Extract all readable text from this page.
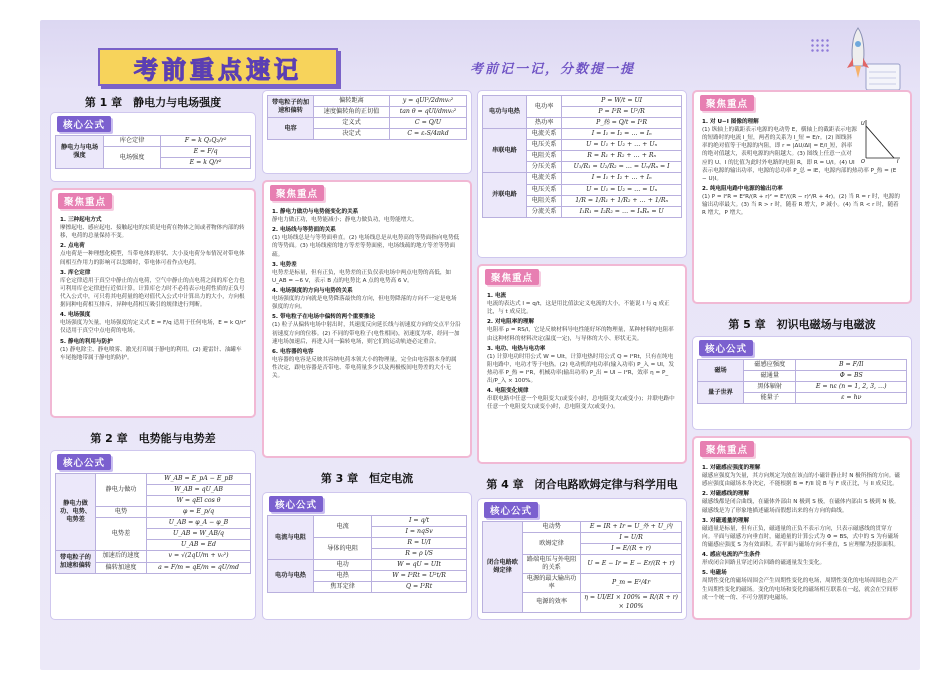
考前重点速记	考前记一记，分数提一提
第 1 章　静电力与电场强度
核心公式
静电力与电场强度	库仑定律	F = k Q₁Q₂/r²
	电场强度	E = F/q
		E = k Q/r²
聚焦重点
1. 三种起电方式

摩擦起电、感应起电、接触起电的实质是电荷在物体之间或者物体内部的转移，电荷的总量保持不变。

2. 点电荷

点电荷是一种理想化模型，当带电体的形状、大小及电荷分布情况对带电体间相互作用力的影响可以忽略时，带电体可看作点电荷。

3. 库仑定律

库仑定律适用于真空中静止的点电荷，空气中静止的点电荷之间的库仑力也可利用库仑定律进行近似计算。计算库仑力时不必将表示电荷性质的正负号代入公式中，可只将其电荷量的绝对值代入公式中计算出力的大小，方向根据同种电荷相互排斥，异种电荷相互吸引的规律进行判断。

4. 电场强度

电场强度为矢量，电场强度的定义式 E = F/q 适用于任何电场，E = k Q/r² 仅适用于真空中点电荷的电场。

5. 静电的利用与防护

(1) 静电除尘、静电喷雾、激光打印属于静电的利用。(2) 避雷针、油罐车车尾拖地带属于静电的防护。

第 2 章　电势能与电势差
核心公式
静电力做功、电势、电势差	静电力做功	W_AB = E_pA − E_pB
		W_AB = qU_AB
		W = qEl cos θ
	电势	φ = E_p/q
	电势差	U_AB = φ_A − φ_B
		U_AB = W_AB/q
		U_AB = Ed
带电粒子的加速和偏转	加速后的速度	v = √(2qU/m + v₀²)
	偏转加速度	a = F/m = qE/m = qU/md
带电粒子的加速和偏转	偏转距离	y = qUl²/2dmv₀²
	速度偏转角的正切值	tan θ = qUl/dmv₀²
电容	定义式	C = Q/U
	决定式	C = εᵣS/4πkd
聚焦重点
1. 静电力做功与电势能变化的关系

静电力做正功，电势能减小；静电力做负功，电势能增大。

2. 电场线与等势面的关系

(1) 电场线总是与等势面垂直。(2) 电场线总是从电势高的等势面指向电势低的等势面。(3) 电场线密的地方等差等势面密，电场线疏的地方等差等势面疏。

3. 电势差

电势差是标量，但有正负，电势差的正负仅表电场中两点电势的高低，如 U_AB = −6 V，表示 B 点的电势比 A 点的电势高 6 V。

4. 电场强度的方向与电势的关系

电场强度的方向就是电势降落最快的方向，但电势降落的方向不一定是电场强度的方向。

5. 带电粒子在电场中偏转的两个重要推论

(1) 粒子从偏转电场中射出时，其速度反向延长线与初速度方向的交点平分沿初速度方向的位移。(2) 不同的带电粒子(电性相同)，初速度为零，经同一加速电场加速后，再进入同一偏转电场，则它们的运动轨迹必定重合。

6. 电容器的电容

电容器的电容是反映其容纳电荷本领大小的物理量，完全由电容器本身的属性决定，跟电容器是否带电、带电荷量多少以及两极板间电势差的大小无关。

第 3 章　恒定电流
核心公式
电流与电阻	电流	I = q/t
		I = nqSv
	导体的电阻	R = U/I
		R = ρ l/S
电功与电热	电功	W = qU = UIt
	电热	W = I²Rt = U²t/R
	焦耳定律	Q = I²Rt
电功与电热	电功率	P = W/t = UI
		P = I²R = U²/R
	热功率	P_热 = Q/t = I²R
串联电路	电流关系	I = I₁ = I₂ = … = Iₙ
	电压关系	U = U₁ + U₂ + … + Uₙ
	电阻关系	R = R₁ + R₂ + … + Rₙ
	分压关系	U₁/R₁ = U₂/R₂ = … = Uₙ/Rₙ = I
并联电路	电流关系	I = I₁ + I₂ + … + Iₙ
	电压关系	U = U₁ = U₂ = … = Uₙ
	电阻关系	1/R = 1/R₁ + 1/R₂ + … + 1/Rₙ
	分流关系	I₁R₁ = I₂R₂ = … = IₙRₙ = U
聚焦重点
1. 电流

电流的表达式 I = q/t，这是用比值法定义电流的大小，不能说 I 与 q 成正比，与 t 成反比。

2. 对电阻率的理解

电阻率 ρ = RS/l，它是反映材料导电性能好坏的物理量，某种材料的电阻率由这种材料的材料决定(温度一定)，与导体的大小、形状无关。

3. 电功、电热与电功率

(1) 计算电功时用公式 W = UIt，计算电热时用公式 Q = I²Rt，只有在纯电阻电路中，电功才等于电热。(2) 电动机的电功率(输入功率) P_入 = UI，发热功率 P_热 = I²R，机械功率(输出功率) P_出 = UI − I²R，效率 η = P_出/P_入 × 100%。

4. 电阻变化规律

串联电路中任意一个电阻变大(或变小)时，总电阻变大(或变小)；并联电路中任意一个电阻变大(或变小)时，总电阻变大(或变小)。

第 4 章　闭合电路欧姆定律与科学用电
核心公式
闭合电路欧姆定律	电动势	E = IR + Ir = U_外 + U_内
	欧姆定律	I = U/R
		I = E/(R + r)
	路端电压与外电阻的关系	U = E − Ir = E − Er/(R + r)
	电源的最大输出功率	P_m = E²/4r
	电源的效率	η = UI/EI × 100% = R/(R + r) × 100%
聚焦重点
U
I
O
1. 对 U−I 图像的理解

(1) 纵轴上的截距表示电源的电动势 E，横轴上的截距表示电源的短路时的电流 I_短，两者的关系为 I_短 = E/r。(2) 图线斜率的绝对值等于电源的内阻，即 r = |ΔU/ΔI| = E/I_短，斜率的绝对值越大，表明电源的内阻越大。(3) 图线上任意一点对应的 U、I 的比值为此时外电路的电阻 R，即 R = U/I。(4) UI 表示电源的输出功率，电源的总功率 P_总 = IE，电源内部的热功率 P_热 = (E − U)I。

2. 纯电阻电路中电源的输出功率

(1) P = I²R = E²R/(R + r)² = E²/((R − r)²/R + 4r)。(2) 当 R = r 时，电源的输出功率最大。(3) 当 R > r 时，随着 R 增大，P 减小。(4) 当 R < r 时，随着 R 增大，P 增大。

第 5 章　初识电磁场与电磁波
核心公式
磁场	磁感应强度	B = F/Il
	磁通量	Φ = BS
量子世界	黑体辐射	E = nε (n = 1, 2, 3, …)
	能量子	ε = hν
聚焦重点
1. 对磁感应强度的理解

磁感应强度为矢量，其方向规定为放在该点的小磁针静止时 N 极所指的方向。磁感应强度由磁场本身决定，不能根据 B = F/Il 说 B 与 F 成正比，与 Il 成反比。

2. 对磁感线的理解

磁感线都是闭合曲线，在磁体外部由 N 极到 S 极，在磁体内部由 S 极到 N 极。磁感线是为了形象地描述磁场而假想出来的有方向的曲线。

3. 对磁通量的理解

磁通量是标量，但有正负，磁通量的正负不表示方向，只表示磁感线的贯穿方向。平面与磁感方向垂直时，磁通量的计算公式为 Φ = BS，式中的 S 为有磁场的磁感应强度 S 为有效面积。若平面与磁场方向不垂直，S 应理解为投影面积。

4. 感应电流的产生条件

形成闭合回路且穿过闭合回路的磁通量发生变化。

5. 电磁场

周期性变化的磁场周围会产生周期性变化的电场，周期性变化的电场周围也会产生周期性变化的磁场。变化的电场和变化的磁场相互联系在一起，就会在空间形成一个统一的、不可分割的电磁场。
